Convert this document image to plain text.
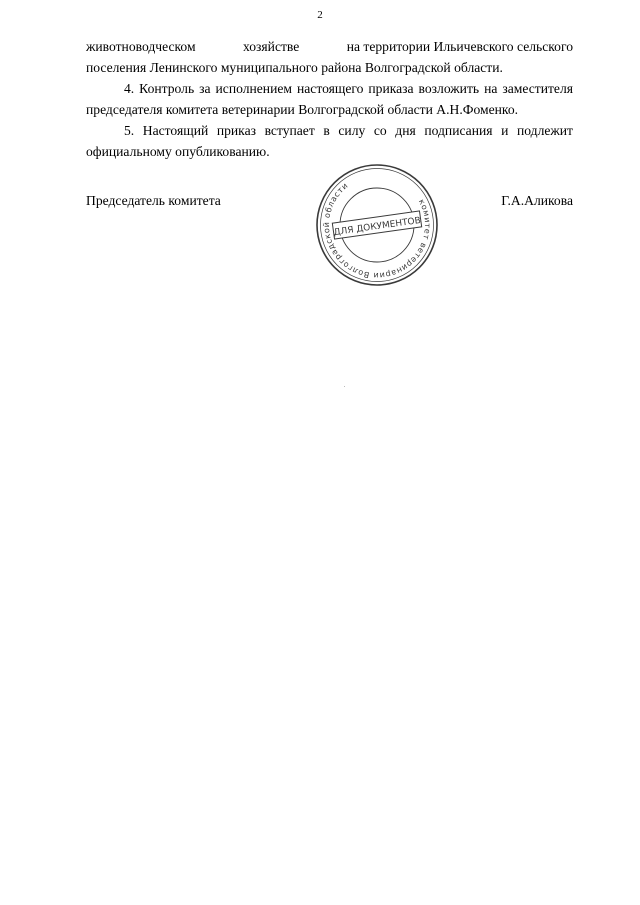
2

животноводческом	хозяйстве	на территории Ильичевского сельского
поселения Ленинского муниципального района Волгоградской области.

4. Контроль за исполнением настоящего приказа возложить на заместителя председателя комитета ветеринарии Волгоградской области А.Н.Фоменко.

5. Настоящий приказ вступает в силу со дня подписания и подлежит официальному опубликованию.

Председатель комитета	Г.А.Аликова
ДЛЯ ДОКУМЕНТОВ
комитет ветеринарии Волгоградской области
